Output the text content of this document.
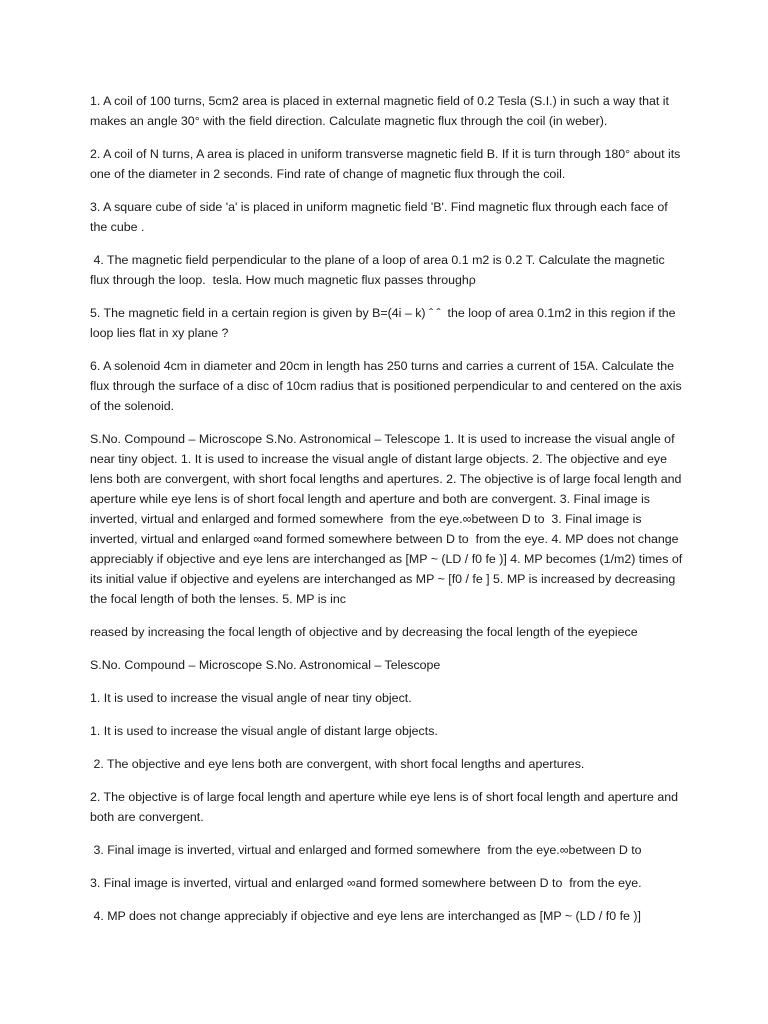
1. A coil of 100 turns, 5cm2 area is placed in external magnetic field of 0.2 Tesla (S.I.) in such a way that it makes an angle 30° with the field direction. Calculate magnetic flux through the coil (in weber).

2. A coil of N turns, A area is placed in uniform transverse magnetic field B. If it is turn through 180° about its one of the diameter in 2 seconds. Find rate of change of magnetic flux through the coil.

3. A square cube of side 'a' is placed in uniform magnetic field 'B'. Find magnetic flux through each face of the cube .

4. The magnetic field perpendicular to the plane of a loop of area 0.1 m2 is 0.2 T. Calculate the magnetic flux through the loop.  tesla. How much magnetic flux passes throughρ

5. The magnetic field in a certain region is given by B=(4i – k) ˆ ˆ  the loop of area 0.1m2 in this region if the loop lies flat in xy plane ?

6. A solenoid 4cm in diameter and 20cm in length has 250 turns and carries a current of 15A. Calculate the flux through the surface of a disc of 10cm radius that is positioned perpendicular to and centered on the axis of the solenoid.

S.No. Compound – Microscope S.No. Astronomical – Telescope 1. It is used to increase the visual angle of near tiny object. 1. It is used to increase the visual angle of distant large objects. 2. The objective and eye lens both are convergent, with short focal lengths and apertures. 2. The objective is of large focal length and aperture while eye lens is of short focal length and aperture and both are convergent. 3. Final image is inverted, virtual and enlarged and formed somewhere  from the eye.∞between D to  3. Final image is inverted, virtual and enlarged ∞and formed somewhere between D to  from the eye. 4. MP does not change appreciably if objective and eye lens are interchanged as [MP ~ (LD / f0 fe )] 4. MP becomes (1/m2) times of its initial value if objective and eyelens are interchanged as MP ~ [f0 / fe ] 5. MP is increased by decreasing the focal length of both the lenses. 5. MP is inc

reased by increasing the focal length of objective and by decreasing the focal length of the eyepiece

S.No. Compound – Microscope S.No. Astronomical – Telescope

1. It is used to increase the visual angle of near tiny object.

1. It is used to increase the visual angle of distant large objects.

2. The objective and eye lens both are convergent, with short focal lengths and apertures.

2. The objective is of large focal length and aperture while eye lens is of short focal length and aperture and both are convergent.

3. Final image is inverted, virtual and enlarged and formed somewhere  from the eye.∞between D to

3. Final image is inverted, virtual and enlarged ∞and formed somewhere between D to  from the eye.

4. MP does not change appreciably if objective and eye lens are interchanged as [MP ~ (LD / f0 fe )]
